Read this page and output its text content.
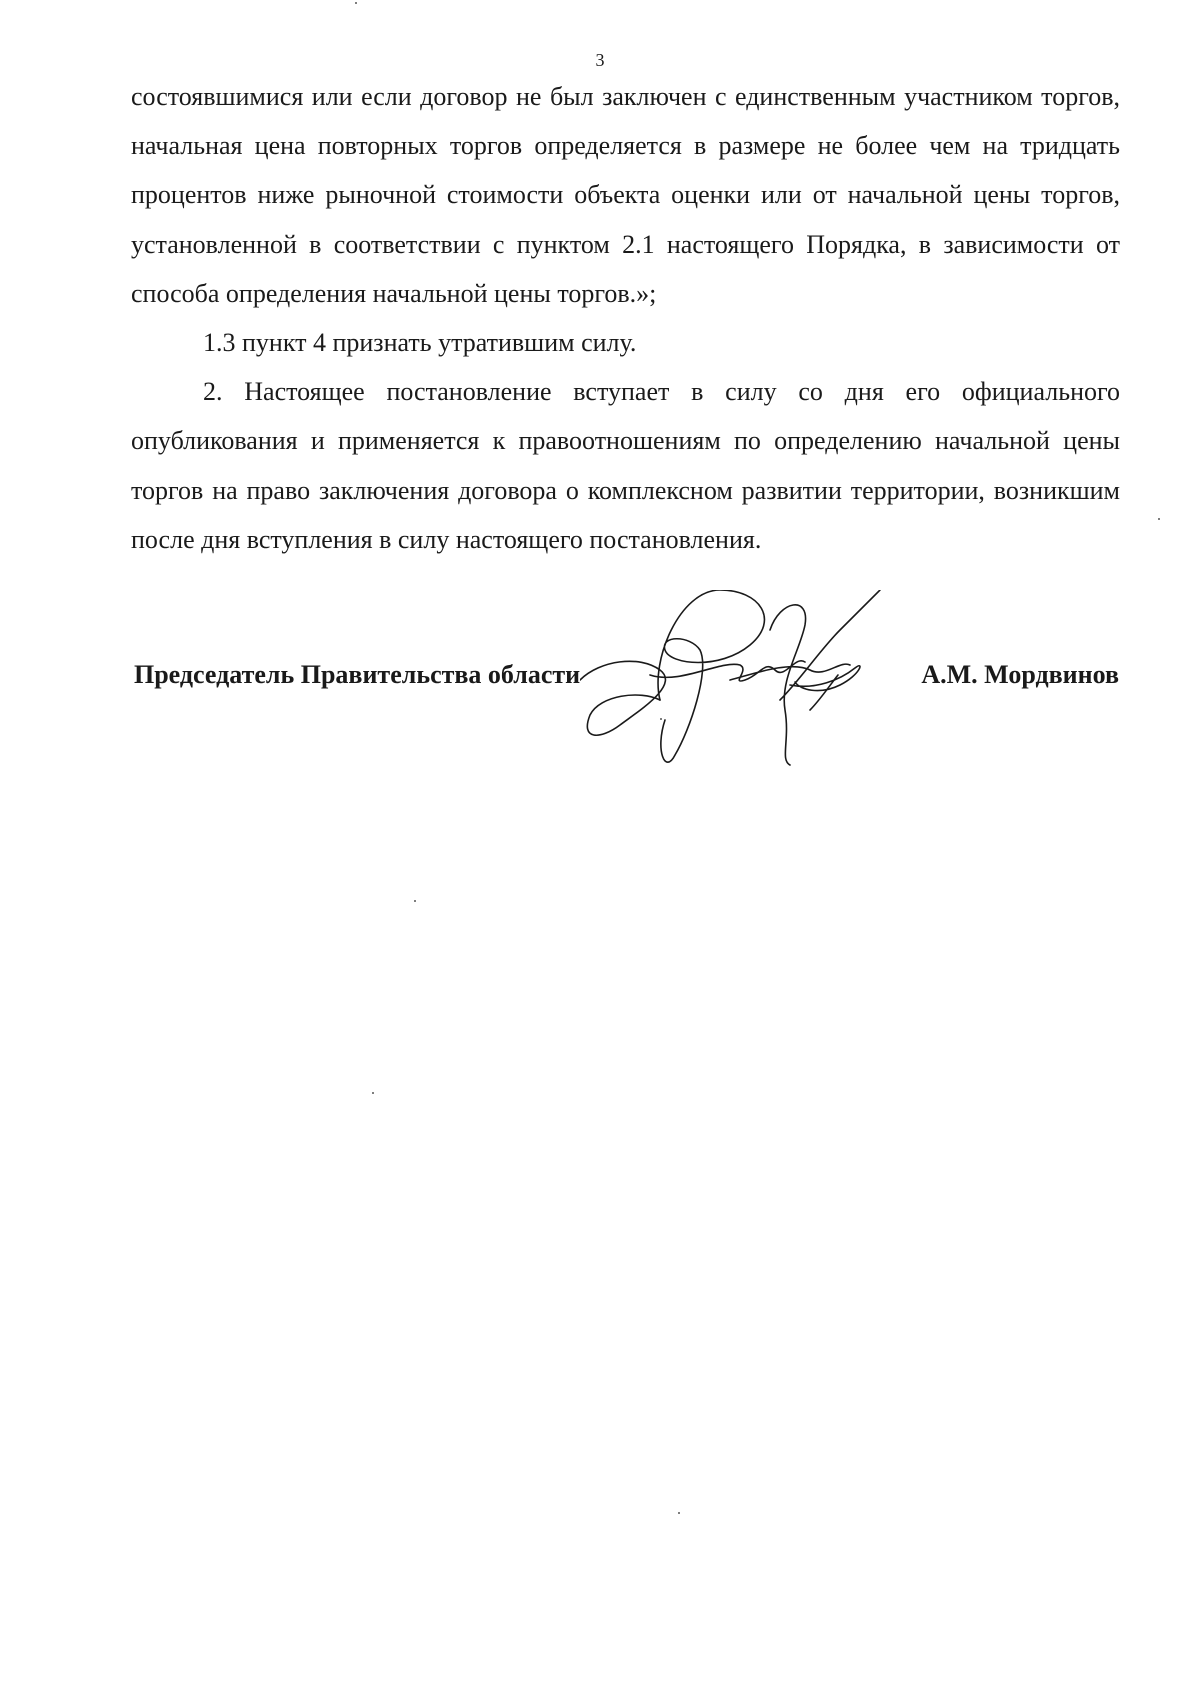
3

состоявшимися или если договор не был заключен с единственным участником торгов, начальная цена повторных торгов определяется в размере не более чем на тридцать процентов ниже рыночной стоимости объекта оценки или от начальной цены торгов, установленной в соответствии с пунктом 2.1 настоящего Порядка, в зависимости от способа определения начальной цены торгов.»;

1.3 пункт 4 признать утратившим силу.

2. Настоящее постановление вступает в силу со дня его официального опубликования и применяется к правоотношениям по определению начальной цены торгов на право заключения договора о комплексном развитии территории, возникшим после дня вступления в силу настоящего постановления.

Председатель Правительства области	А.М. Мордвинов
